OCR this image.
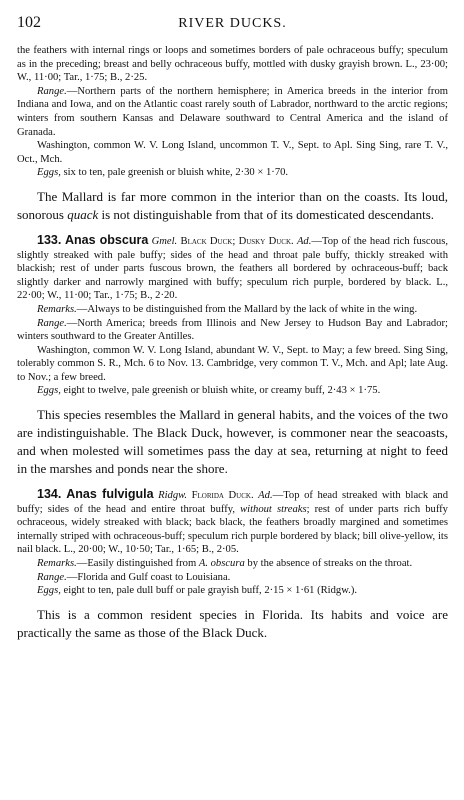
102	RIVER DUCKS.

the feathers with internal rings or loops and sometimes borders of pale ochraceous buffy; speculum as in the preceding; breast and belly ochraceous buffy, mottled with dusky grayish brown. L., 23·00; W., 11·00; Tar., 1·75; B., 2·25.

Range.—Northern parts of the northern hemisphere; in America breeds in the interior from Indiana and Iowa, and on the Atlantic coast rarely south of Labrador, northward to the arctic regions; winters from southern Kansas and Delaware southward to Central America and the island of Granada.

Washington, common W. V. Long Island, uncommon T. V., Sept. to Apl. Sing Sing, rare T. V., Oct., Mch.

Eggs, six to ten, pale greenish or bluish white, 2·30 × 1·70.

The Mallard is far more common in the interior than on the coasts. Its loud, sonorous quack is not distinguishable from that of its domesticated descendants.

133. Anas obscura Gmel. Black Duck; Dusky Duck. Ad.—Top of the head rich fuscous, slightly streaked with pale buffy; sides of the head and throat pale buffy, thickly streaked with blackish; rest of under parts fuscous brown, the feathers all bordered by ochraceous-buff; back slightly darker and narrowly margined with buffy; speculum rich purple, bordered by black. L., 22·00; W., 11·00; Tar., 1·75; B., 2·20.

Remarks.—Always to be distinguished from the Mallard by the lack of white in the wing.

Range.—North America; breeds from Illinois and New Jersey to Hudson Bay and Labrador; winters southward to the Greater Antilles.

Washington, common W. V. Long Island, abundant W. V., Sept. to May; a few breed. Sing Sing, tolerably common S. R., Mch. 6 to Nov. 13. Cambridge, very common T. V., Mch. and Apl; late Aug. to Nov.; a few breed.

Eggs, eight to twelve, pale greenish or bluish white, or creamy buff, 2·43 × 1·75.

This species resembles the Mallard in general habits, and the voices of the two are indistinguishable. The Black Duck, however, is commoner near the seacoasts, and when molested will sometimes pass the day at sea, returning at night to feed in the marshes and ponds near the shore.

134. Anas fulvigula Ridgw. Florida Duck. Ad.—Top of head streaked with black and buffy; sides of the head and entire throat buffy, without streaks; rest of under parts rich buffy ochraceous, widely streaked with black; back black, the feathers broadly margined and sometimes internally striped with ochraceous-buff; speculum rich purple bordered by black; bill olive-yellow, its nail black. L., 20·00; W., 10·50; Tar., 1·65; B., 2·05.

Remarks.—Easily distinguished from A. obscura by the absence of streaks on the throat.

Range.—Florida and Gulf coast to Louisiana.

Eggs, eight to ten, pale dull buff or pale grayish buff, 2·15 × 1·61 (Ridgw.).

This is a common resident species in Florida. Its habits and voice are practically the same as those of the Black Duck.
